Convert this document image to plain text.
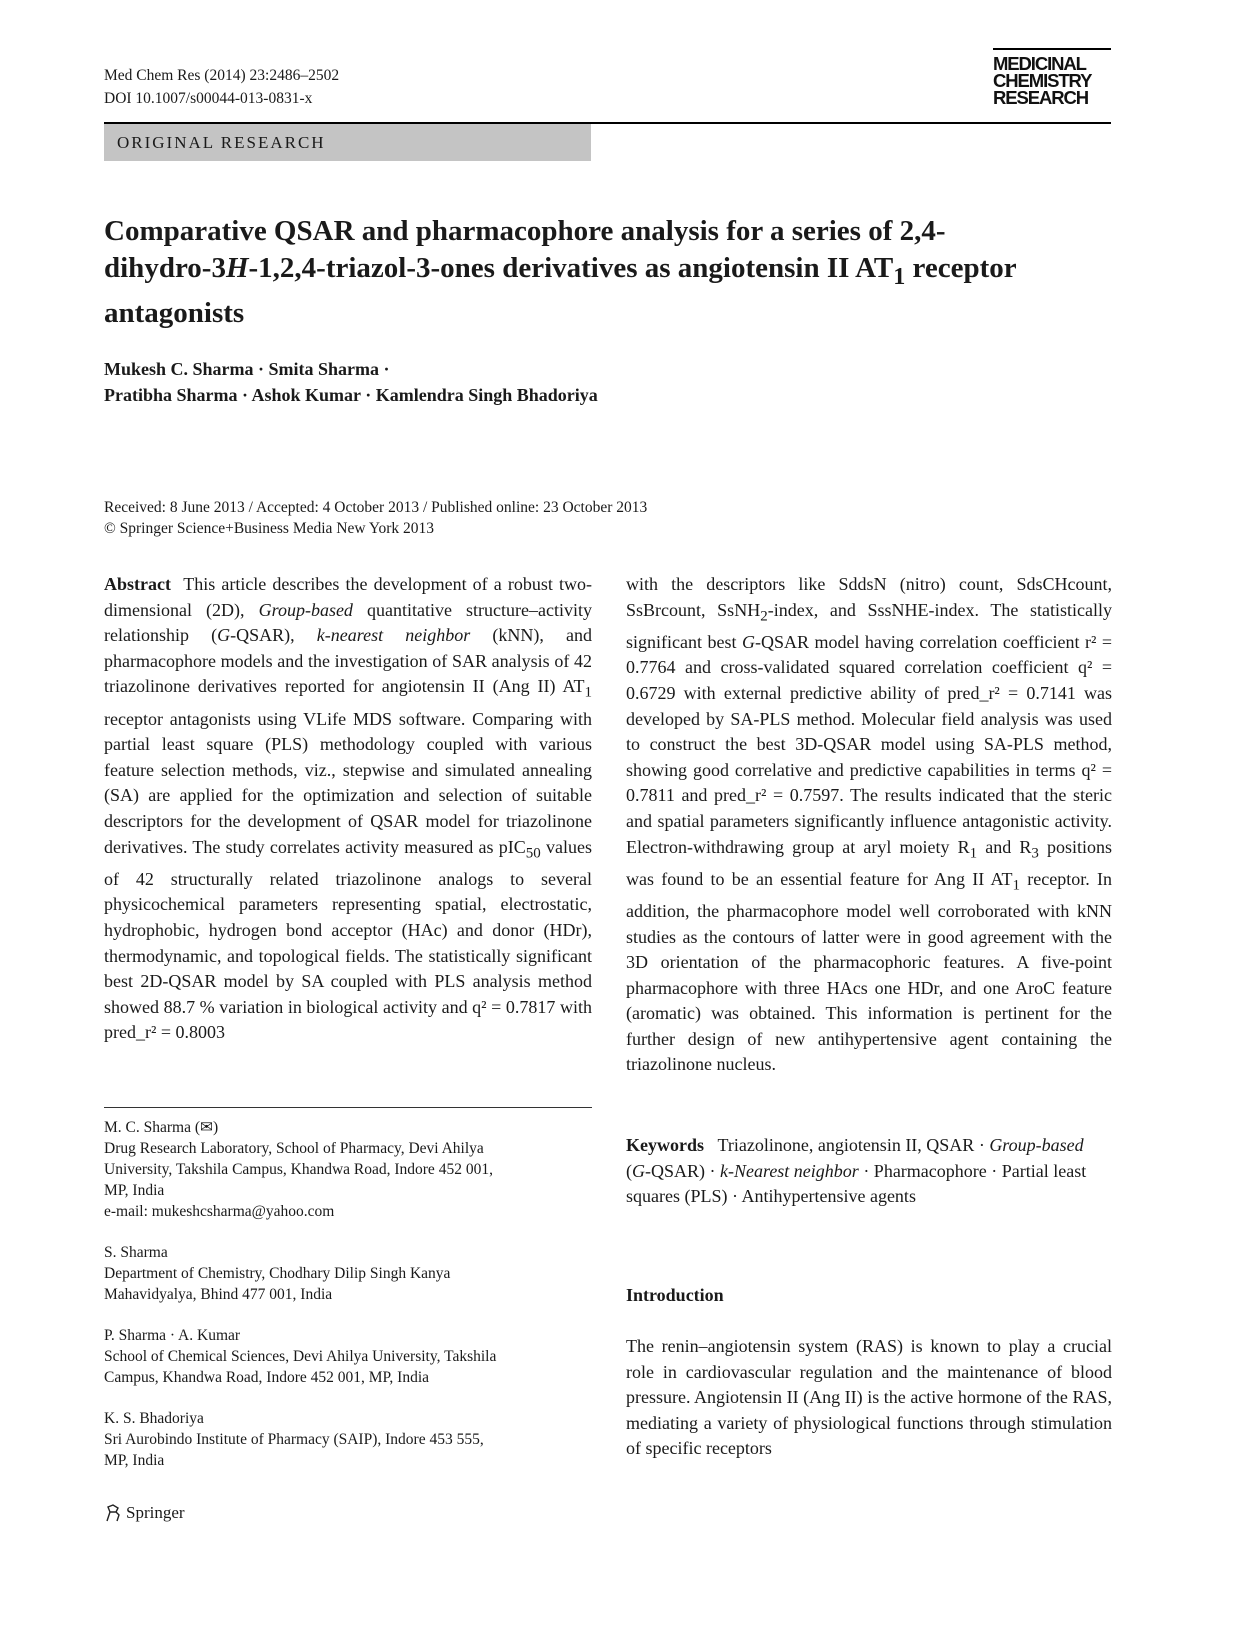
Med Chem Res (2014) 23:2486–2502
DOI 10.1007/s00044-013-0831-x
MEDICINAL
CHEMISTRY
RESEARCH
ORIGINAL RESEARCH
Comparative QSAR and pharmacophore analysis for a series of 2,4-dihydro-3H-1,2,4-triazol-3-ones derivatives as angiotensin II $AT_1$ receptor antagonists
Mukesh C. Sharma · Smita Sharma ·
Pratibha Sharma · Ashok Kumar · Kamlendra Singh Bhadoriya
Received: 8 June 2013 / Accepted: 4 October 2013 / Published online: 23 October 2013
© Springer Science+Business Media New York 2013
Abstract This article describes the development of a robust two-dimensional (2D), Group-based quantitative structure–activity relationship (G-QSAR), k-nearest neighbor (kNN), and pharmacophore models and the investigation of SAR analysis of 42 triazolinone derivatives reported for angiotensin II (Ang II) $AT_1$ receptor antagonists using VLife MDS software. Comparing with partial least square (PLS) methodology coupled with various feature selection methods, viz., stepwise and simulated annealing (SA) are applied for the optimization and selection of suitable descriptors for the development of QSAR model for triazolinone derivatives. The study correlates activity measured as pIC$_{50}$ values of 42 structurally related triazolinone analogs to several physicochemical parameters representing spatial, electrostatic, hydrophobic, hydrogen bond acceptor (HAc) and donor (HDr), thermodynamic, and topological fields. The statistically significant best 2D-QSAR model by SA coupled with PLS analysis method showed 88.7 % variation in biological activity and q² = 0.7817 with pred_r² = 0.8003
with the descriptors like SddsN (nitro) count, SdsCHcount, SsBrcount, SsNH$_2$-index, and SssNHE-index. The statistically significant best G-QSAR model having correlation coefficient r² = 0.7764 and cross-validated squared correlation coefficient q² = 0.6729 with external predictive ability of pred_r² = 0.7141 was developed by SA-PLS method. Molecular field analysis was used to construct the best 3D-QSAR model using SA-PLS method, showing good correlative and predictive capabilities in terms q² = 0.7811 and pred_r² = 0.7597. The results indicated that the steric and spatial parameters significantly influence antagonistic activity. Electron-withdrawing group at aryl moiety $R_1$ and $R_3$ positions was found to be an essential feature for Ang II $AT_1$ receptor. In addition, the pharmacophore model well corroborated with kNN studies as the contours of latter were in good agreement with the 3D orientation of the pharmacophoric features. A five-point pharmacophore with three HAcs one HDr, and one AroC feature (aromatic) was obtained. This information is pertinent for the further design of new antihypertensive agent containing the triazolinone nucleus.
Keywords Triazolinone, angiotensin II, QSAR · Group-based (G-QSAR) · k-Nearest neighbor · Pharmacophore · Partial least squares (PLS) · Antihypertensive agents
Introduction
The renin–angiotensin system (RAS) is known to play a crucial role in cardiovascular regulation and the maintenance of blood pressure. Angiotensin II (Ang II) is the active hormone of the RAS, mediating a variety of physiological functions through stimulation of specific receptors

M. C. Sharma (✉)
Drug Research Laboratory, School of Pharmacy, Devi Ahilya
University, Takshila Campus, Khandwa Road, Indore 452 001,
MP, India
e-mail: mukeshcsharma@yahoo.com

S. Sharma
Department of Chemistry, Chodhary Dilip Singh Kanya
Mahavidyalya, Bhind 477 001, India

P. Sharma · A. Kumar
School of Chemical Sciences, Devi Ahilya University, Takshila
Campus, Khandwa Road, Indore 452 001, MP, India

K. S. Bhadoriya
Sri Aurobindo Institute of Pharmacy (SAIP), Indore 453 555,
MP, India

Springer
